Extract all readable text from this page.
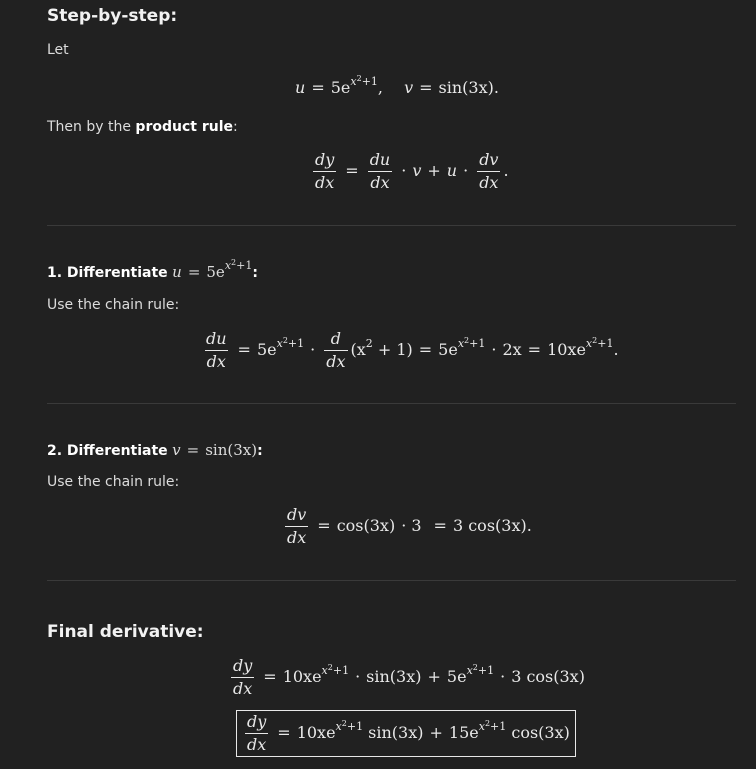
Step-by-step:
Let
$u = 5e^{x^2+1}$, v = sin(3x).
Then by the product rule:
$\frac{dy}{dx} = \frac{du}{dx} \cdot v + u \cdot \frac{dv}{dx}$ .
1. Differentiate $u = 5e^{x^2+1}$:
Use the chain rule:
$\frac{du}{dx} = 5e^{x^2+1} \cdot \frac{d}{dx} (x^2 + 1) = 5e^{x^2+1} \cdot 2x = 10xe^{x^2+1}$.
2. Differentiate v = sin(3x):
Use the chain rule:
$\frac{dv}{dx} = \cos(3x) \cdot 3 = 3$ cos(3x).
Final derivative:
$\frac{dy}{dx} = 10xe^{x^2+1} \cdot \sin(3x) + 5e^{x^2+1} \cdot 3$ cos(3x)
$\frac{dy}{dx} = 10xe^{x^2+1}$ $\sin(3x) + 15e^{x^2+1}$ cos(3x)
